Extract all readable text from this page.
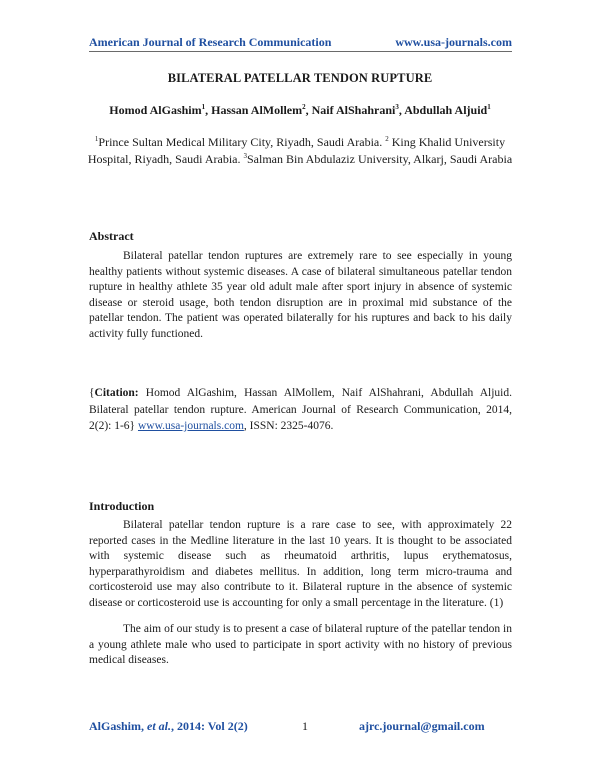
American Journal of Research Communication	www.usa-journals.com
BILATERAL PATELLAR TENDON RUPTURE
Homod AlGashim$^1$, Hassan AlMollem$^2$, Naif AlShahrani$^3$, Abdullah Aljuid$^1$
$^1$Prince Sultan Medical Military City, Riyadh, Saudi Arabia. $^2$ King Khalid University Hospital, Riyadh, Saudi Arabia. $^3$Salman Bin Abdulaziz University, Alkarj, Saudi Arabia
Abstract
Bilateral patellar tendon ruptures are extremely rare to see especially in young healthy patients without systemic diseases. A case of bilateral simultaneous patellar tendon rupture in healthy athlete 35 year old adult male after sport injury in absence of systemic disease or steroid usage, both tendon disruption are in proximal mid substance of the patellar tendon. The patient was operated bilaterally for his ruptures and back to his daily activity fully functioned.
{Citation: Homod AlGashim, Hassan AlMollem, Naif AlShahrani, Abdullah Aljuid. Bilateral patellar tendon rupture. American Journal of Research Communication, 2014, 2(2): 1-6} www.usa-journals.com, ISSN: 2325-4076.
Introduction
Bilateral patellar tendon rupture is a rare case to see, with approximately 22 reported cases in the Medline literature in the last 10 years. It is thought to be associated with systemic disease such as rheumatoid arthritis, lupus erythematosus, hyperparathyroidism and diabetes mellitus. In addition, long term micro-trauma and corticosteroid use may also contribute to it. Bilateral rupture in the absence of systemic disease or corticosteroid use is accounting for only a small percentage in the literature. (1)
The aim of our study is to present a case of bilateral rupture of the patellar tendon in a young athlete male who used to participate in sport activity with no history of previous medical diseases.
AlGashim, et al., 2014: Vol 2(2)	1	ajrc.journal@gmail.com
